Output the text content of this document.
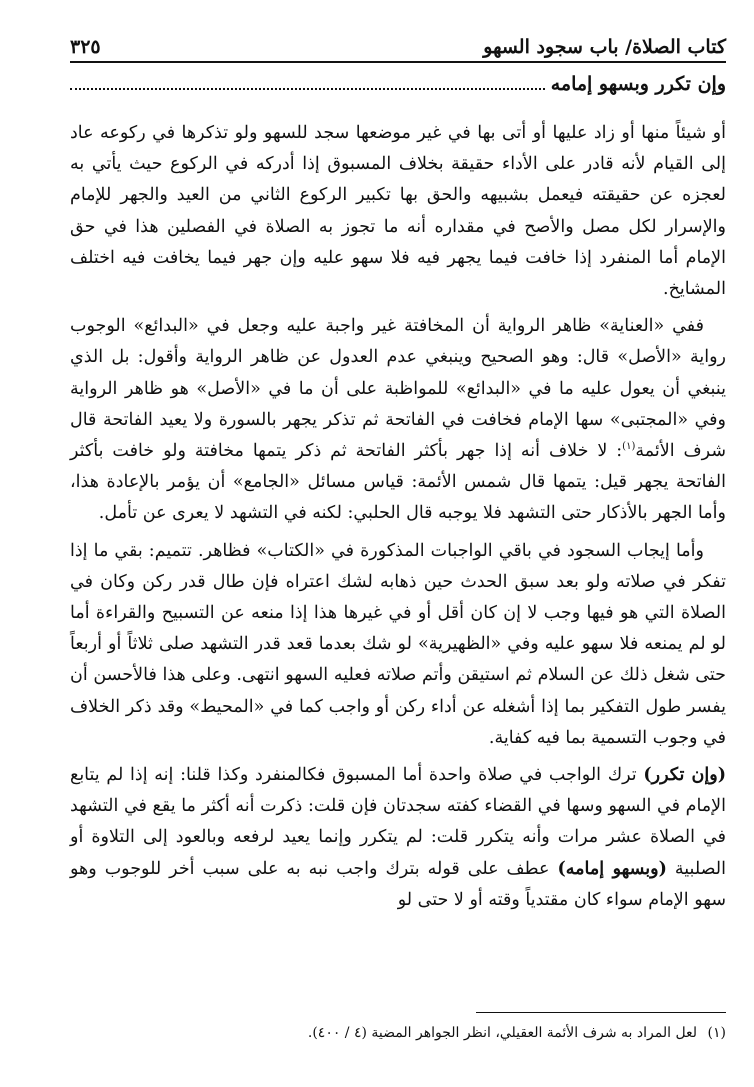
كتاب الصلاة/ باب سجود السهو
٣٢٥
وإن تكرر وبسهو إمامه

أو شيئاً منها أو زاد عليها أو أتى بها في غير موضعها سجد للسهو ولو تذكرها في ركوعه عاد إلى القيام لأنه قادر على الأداء حقيقة بخلاف المسبوق إذا أدركه في الركوع حيث يأتي به لعجزه عن حقيقته فيعمل بشبيهه والحق بها تكبير الركوع الثاني من العيد والجهر للإمام والإسرار لكل مصل والأصح في مقداره أنه ما تجوز به الصلاة في الفصلين هذا في حق الإمام أما المنفرد إذا خافت فيما يجهر فيه فلا سهو عليه وإن جهر فيما يخافت فيه اختلف المشايخ.

ففي «العناية» ظاهر الرواية أن المخافتة غير واجبة عليه وجعل في «البدائع» الوجوب رواية «الأصل» قال: وهو الصحيح وينبغي عدم العدول عن ظاهر الرواية وأقول: بل الذي ينبغي أن يعول عليه ما في «البدائع» للمواظبة على أن ما في «الأصل» هو ظاهر الرواية وفي «المجتبى» سها الإمام فخافت في الفاتحة ثم تذكر يجهر بالسورة ولا يعيد الفاتحة قال شرف الأئمة$^{(١)}$: لا خلاف أنه إذا جهر بأكثر الفاتحة ثم ذكر يتمها مخافتة ولو خافت بأكثر الفاتحة يجهر قيل: يتمها قال شمس الأئمة: قياس مسائل «الجامع» أن يؤمر بالإعادة هذا، وأما الجهر بالأذكار حتى التشهد فلا يوجبه قال الحلبي: لكنه في التشهد لا يعرى عن تأمل.

وأما إيجاب السجود في باقي الواجبات المذكورة في «الكتاب» فظاهر. تتميم: بقي ما إذا تفكر في صلاته ولو بعد سبق الحدث حين ذهابه لشك اعتراه فإن طال قدر ركن وكان في الصلاة التي هو فيها وجب لا إن كان أقل أو في غيرها هذا إذا منعه عن التسبيح والقراءة أما لو لم يمنعه فلا سهو عليه وفي «الظهيرية» لو شك بعدما قعد قدر التشهد صلى ثلاثاً أو أربعاً حتى شغل ذلك عن السلام ثم استيقن وأتم صلاته فعليه السهو انتهى. وعلى هذا فالأحسن أن يفسر طول التفكير بما إذا أشغله عن أداء ركن أو واجب كما في «المحيط» وقد ذكر الخلاف في وجوب التسمية بما فيه كفاية.

(وإن تكرر) ترك الواجب في صلاة واحدة أما المسبوق فكالمنفرد وكذا قلنا: إنه إذا لم يتابع الإمام في السهو وسها في القضاء كفته سجدتان فإن قلت: ذكرت أنه أكثر ما يقع في التشهد في الصلاة عشر مرات وأنه يتكرر قلت: لم يتكرر وإنما يعيد لرفعه وبالعود إلى التلاوة أو الصلبية (وبسهو إمامه) عطف على قوله بترك واجب نبه به على سبب أخر للوجوب وهو سهو الإمام سواء كان مقتدياً وقته أو لا حتى لو

(١) لعل المراد به شرف الأئمة العقيلي، انظر الجواهر المضية (٤ / ٤٠٠).
